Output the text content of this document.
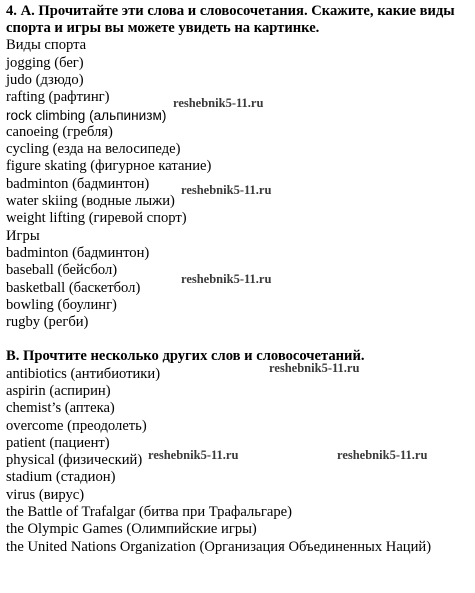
4. А. Прочитайте эти слова и словосочетания. Скажите, какие виды спорта и игры вы можете увидеть на картинке.

Виды спорта

jogging (бег)

judo (дзюдо)

rafting (рафтинг)

rock climbing (альпинизм)

canoeing (гребля)

cycling (езда на велосипеде)

figure skating (фигурное катание)

badminton (бадминтон)

water skiing (водные лыжи)

weight lifting (гиревой спорт)

Игры

badminton (бадминтон)

baseball (бейсбол)

basketball (баскетбол)

bowling (боулинг)

rugby (регби)

B. Прочтите несколько других слов и словосочетаний.

antibiotics (антибиотики)

aspirin (аспирин)

chemist’s (аптека)

overcome (преодолеть)

patient (пациент)

physical (физический)

stadium (стадион)

virus (вирус)

the Battle of Trafalgar (битва при Трафальгаре)

the Olympic Games (Олимпийские игры)

the United Nations Organization (Организация Объединенных Наций)

reshebnik5-11.ru
reshebnik5-11.ru
reshebnik5-11.ru
reshebnik5-11.ru
reshebnik5-11.ru	reshebnik5-11.ru
